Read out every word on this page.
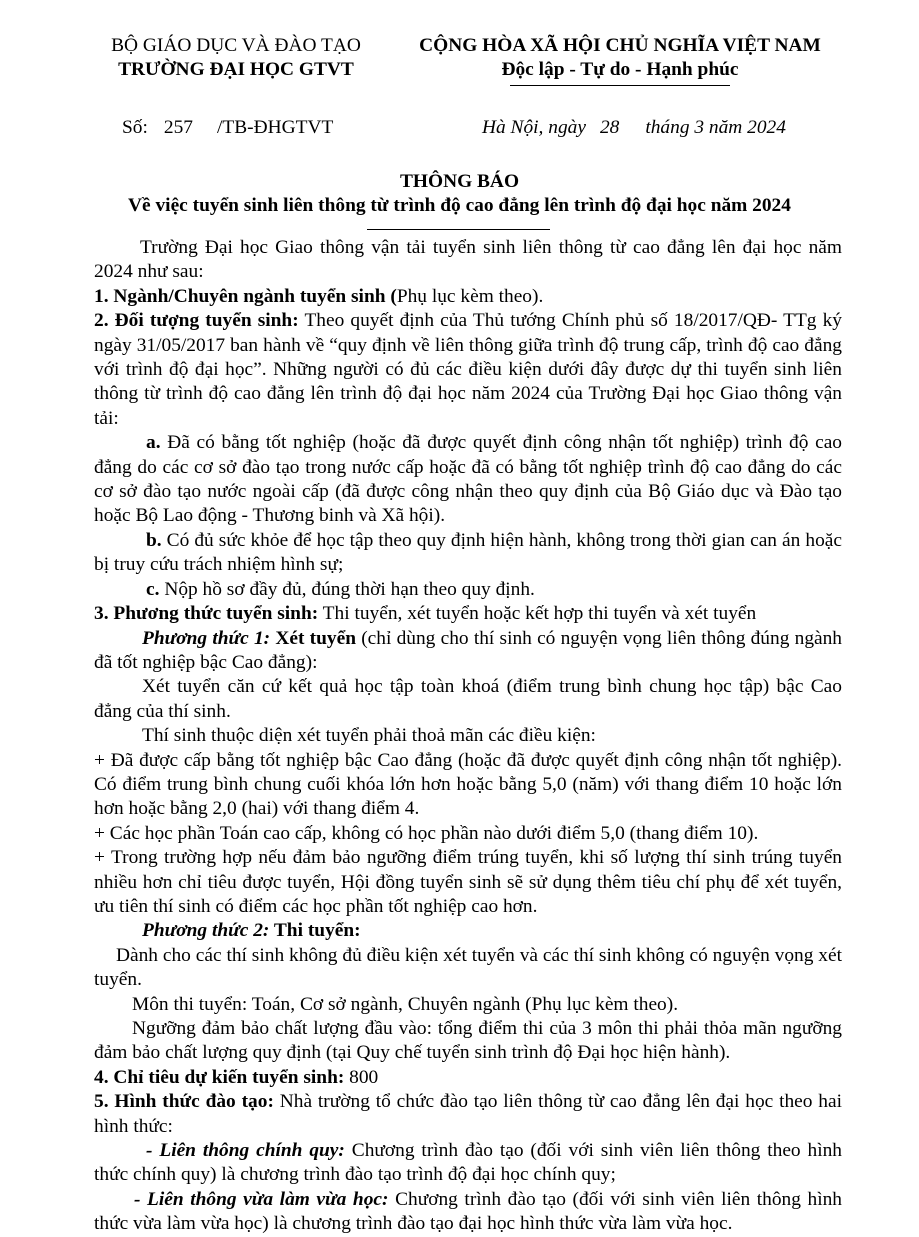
BỘ GIÁO DỤC VÀ ĐÀO TẠO
TRƯỜNG ĐẠI HỌC GTVT
CỘNG HÒA XÃ HỘI CHỦ NGHĨA VIỆT NAM
Độc lập - Tự do - Hạnh phúc
Số: 257 /TB-ĐHGTVT	Hà Nội, ngày 28 tháng 3 năm 2024
THÔNG BÁO
Về việc tuyển sinh liên thông từ trình độ cao đẳng lên trình độ đại học năm 2024

Trường Đại học Giao thông vận tải tuyển sinh liên thông từ cao đẳng lên đại học năm 2024 như sau:

1. Ngành/Chuyên ngành tuyển sinh (Phụ lục kèm theo).

2. Đối tượng tuyển sinh: Theo quyết định của Thủ tướng Chính phủ số 18/2017/QĐ- TTg ký ngày 31/05/2017 ban hành về “quy định về liên thông giữa trình độ trung cấp, trình độ cao đẳng với trình độ đại học”. Những người có đủ các điều kiện dưới đây được dự thi tuyển sinh liên thông từ trình độ cao đẳng lên trình độ đại học năm 2024 của Trường Đại học Giao thông vận tải:

a. Đã có bằng tốt nghiệp (hoặc đã được quyết định công nhận tốt nghiệp) trình độ cao đẳng do các cơ sở đào tạo trong nước cấp hoặc đã có bằng tốt nghiệp trình độ cao đẳng do các cơ sở đào tạo nước ngoài cấp (đã được công nhận theo quy định của Bộ Giáo dục và Đào tạo hoặc Bộ Lao động - Thương binh và Xã hội).

b. Có đủ sức khỏe để học tập theo quy định hiện hành, không trong thời gian can án hoặc bị truy cứu trách nhiệm hình sự;

c. Nộp hồ sơ đầy đủ, đúng thời hạn theo quy định.

3. Phương thức tuyển sinh: Thi tuyển, xét tuyển hoặc kết hợp thi tuyển và xét tuyển

Phương thức 1: Xét tuyển (chỉ dùng cho thí sinh có nguyện vọng liên thông đúng ngành đã tốt nghiệp bậc Cao đẳng):

Xét tuyển căn cứ kết quả học tập toàn khoá (điểm trung bình chung học tập) bậc Cao đẳng của thí sinh.

Thí sinh thuộc diện xét tuyển phải thoả mãn các điều kiện:

+ Đã được cấp bằng tốt nghiệp bậc Cao đẳng (hoặc đã được quyết định công nhận tốt nghiệp). Có điểm trung bình chung cuối khóa lớn hơn hoặc bằng 5,0 (năm) với thang điểm 10 hoặc lớn hơn hoặc bằng 2,0 (hai) với thang điểm 4.

+ Các học phần Toán cao cấp, không có học phần nào dưới điểm 5,0 (thang điểm 10).

+ Trong trường hợp nếu đảm bảo ngưỡng điểm trúng tuyển, khi số lượng thí sinh trúng tuyển nhiều hơn chỉ tiêu được tuyển, Hội đồng tuyển sinh sẽ sử dụng thêm tiêu chí phụ để xét tuyển, ưu tiên thí sinh có điểm các học phần tốt nghiệp cao hơn.

Phương thức 2: Thi tuyển:

Dành cho các thí sinh không đủ điều kiện xét tuyển và các thí sinh không có nguyện vọng xét tuyển.

Môn thi tuyển: Toán, Cơ sở ngành, Chuyên ngành (Phụ lục kèm theo).

Ngưỡng đảm bảo chất lượng đầu vào: tổng điểm thi của 3 môn thi phải thỏa mãn ngưỡng đảm bảo chất lượng quy định (tại Quy chế tuyển sinh trình độ Đại học hiện hành).

4. Chỉ tiêu dự kiến tuyển sinh: 800

5. Hình thức đào tạo: Nhà trường tổ chức đào tạo liên thông từ cao đẳng lên đại học theo hai hình thức:

- Liên thông chính quy: Chương trình đào tạo (đối với sinh viên liên thông theo hình thức chính quy) là chương trình đào tạo trình độ đại học chính quy;

- Liên thông vừa làm vừa học: Chương trình đào tạo (đối với sinh viên liên thông hình thức vừa làm vừa học) là chương trình đào tạo đại học hình thức vừa làm vừa học.
